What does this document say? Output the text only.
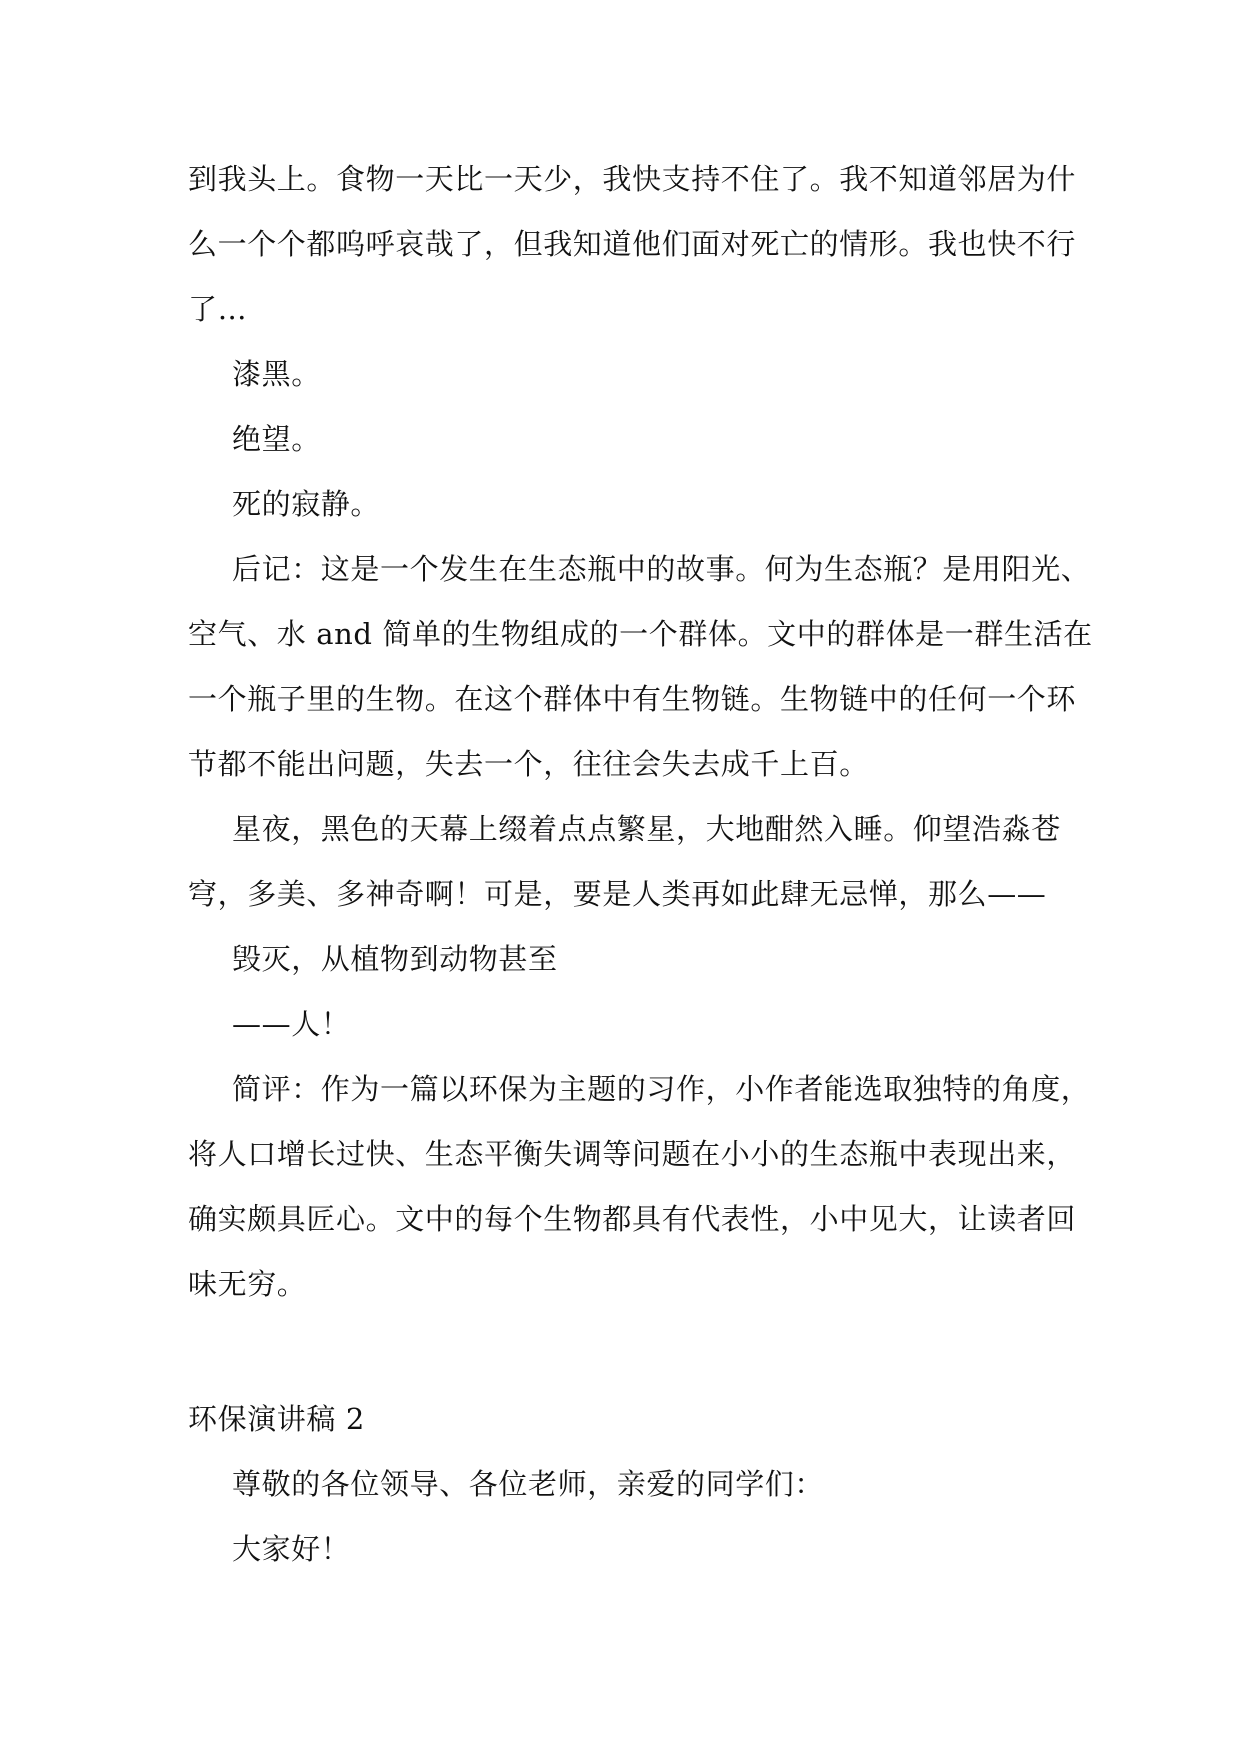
到我头上。食物一天比一天少，我快支持不住了。我不知道邻居为什
么一个个都呜呼哀哉了，但我知道他们面对死亡的情形。我也快不行
了…

漆黑。

绝望。

死的寂静。

后记：这是一个发生在生态瓶中的故事。何为生态瓶？是用阳光、
空气、水 and 简单的生物组成的一个群体。文中的群体是一群生活在
一个瓶子里的生物。在这个群体中有生物链。生物链中的任何一个环
节都不能出问题，失去一个，往往会失去成千上百。

星夜，黑色的天幕上缀着点点繁星，大地酣然入睡。仰望浩淼苍
穹，多美、多神奇啊！可是，要是人类再如此肆无忌惮，那么——

毁灭，从植物到动物甚至

——人！

简评：作为一篇以环保为主题的习作，小作者能选取独特的角度，
将人口增长过快、生态平衡失调等问题在小小的生态瓶中表现出来，
确实颇具匠心。文中的每个生物都具有代表性，小中见大，让读者回
味无穷。

环保演讲稿 2

尊敬的各位领导、各位老师，亲爱的同学们：

大家好！
